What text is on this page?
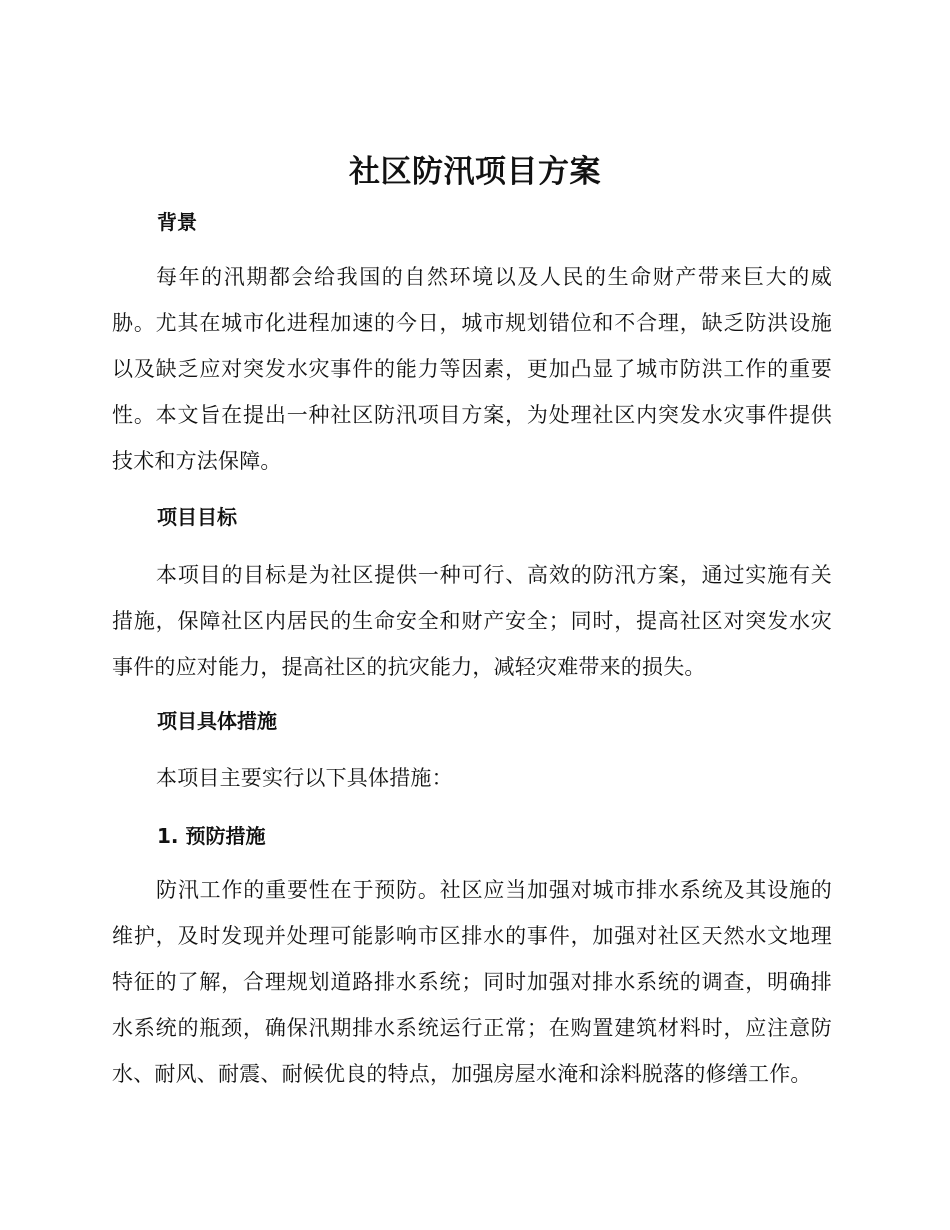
社区防汛项目方案
背景

每年的汛期都会给我国的自然环境以及人民的生命财产带来巨大的威胁。尤其在城市化进程加速的今日，城市规划错位和不合理，缺乏防洪设施以及缺乏应对突发水灾事件的能力等因素，更加凸显了城市防洪工作的重要性。本文旨在提出一种社区防汛项目方案，为处理社区内突发水灾事件提供技术和方法保障。

项目目标

本项目的目标是为社区提供一种可行、高效的防汛方案，通过实施有关措施，保障社区内居民的生命安全和财产安全；同时，提高社区对突发水灾事件的应对能力，提高社区的抗灾能力，减轻灾难带来的损失。

项目具体措施

本项目主要实行以下具体措施：

1. 预防措施

防汛工作的重要性在于预防。社区应当加强对城市排水系统及其设施的维护，及时发现并处理可能影响市区排水的事件，加强对社区天然水文地理特征的了解，合理规划道路排水系统；同时加强对排水系统的调查，明确排水系统的瓶颈，确保汛期排水系统运行正常；在购置建筑材料时，应注意防水、耐风、耐震、耐候优良的特点，加强房屋水淹和涂料脱落的修缮工作。
